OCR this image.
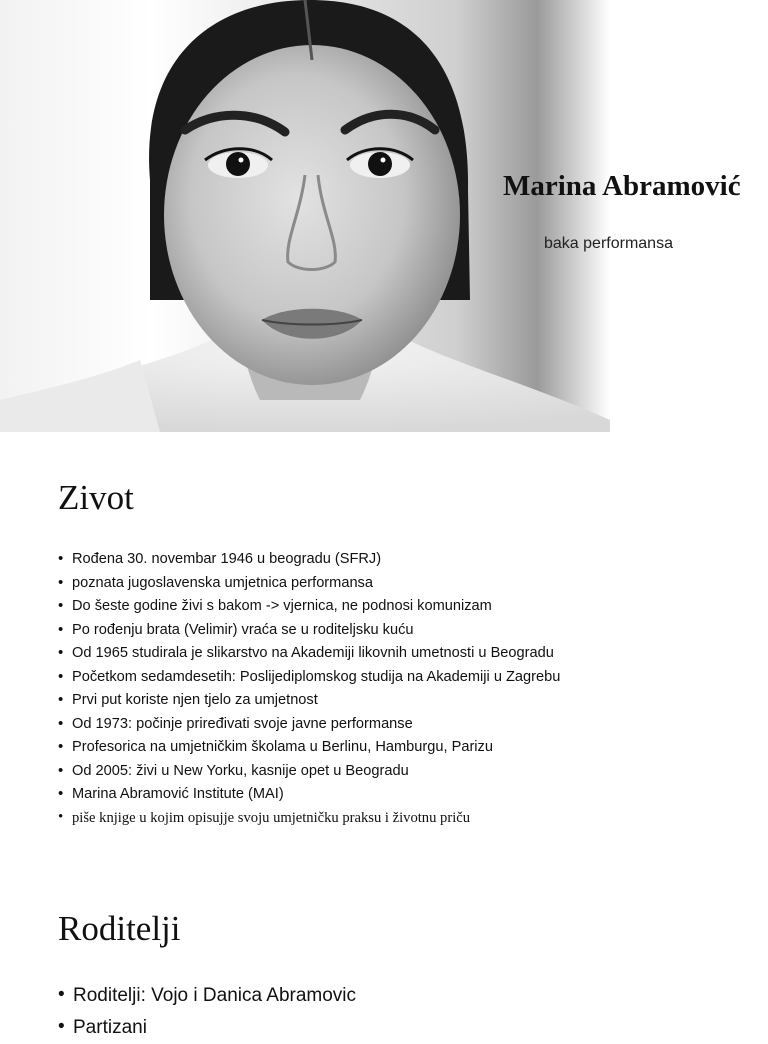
Marina Abramović
baka performansa
Zivot
• Rođena 30. novembar 1946 u beogradu (SFRJ)
• poznata jugoslavenska umjetnica performansa
• Do šeste godine živi s bakom -> vjernica, ne podnosi komunizam
• Po rođenju brata (Velimir) vraća se u roditeljsku kuću
• Od 1965 studirala je slikarstvo na Akademiji likovnih umetnosti u Beogradu
• Početkom sedamdesetih: Poslijediplomskog studija na Akademiji u Zagrebu
• Prvi put koriste njen tjelo za umjetnost
• Od 1973: počinje priređivati svoje javne performanse
• Profesorica na umjetničkim školama u Berlinu, Hamburgu, Parizu
• Od 2005: živi u New Yorku, kasnije opet u Beogradu
• Marina Abramović Institute (MAI)
• piše knjige u kojim opisujje svoju umjetničku praksu i životnu priču
Roditelji
• Roditelji: Vojo i Danica Abramovic
• Partizani
